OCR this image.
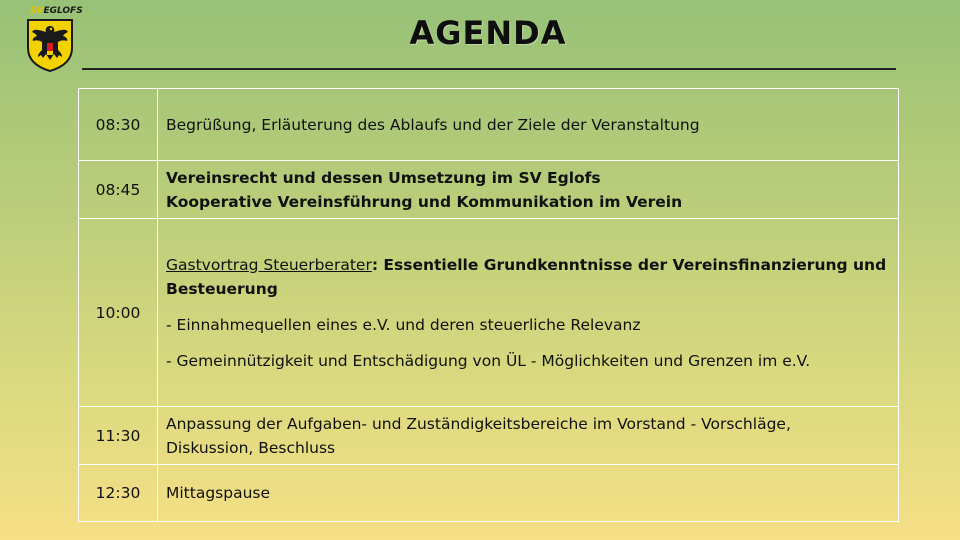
SVEGLOFS
AGENDA
08:30	Begrüßung, Erläuterung des Ablaufs und der Ziele der Veranstaltung
08:45	Vereinsrecht und dessen Umsetzung im SV Eglofs
Kooperative Vereinsführung und Kommunikation im Verein

10:00	Gastvortrag Steuerberater: Essentielle Grundkenntnisse der Vereinsfinanzierung und
Besteuerung
- Einnahmequellen eines e.V. und deren steuerliche Relevanz
- Gemeinnützigkeit und Entschädigung von ÜL - Möglichkeiten und Grenzen im e.V.

11:30	Anpassung der Aufgaben- und Zuständigkeitsbereiche im Vorstand - Vorschläge,
Diskussion, Beschluss

12:30	Mittagspause
